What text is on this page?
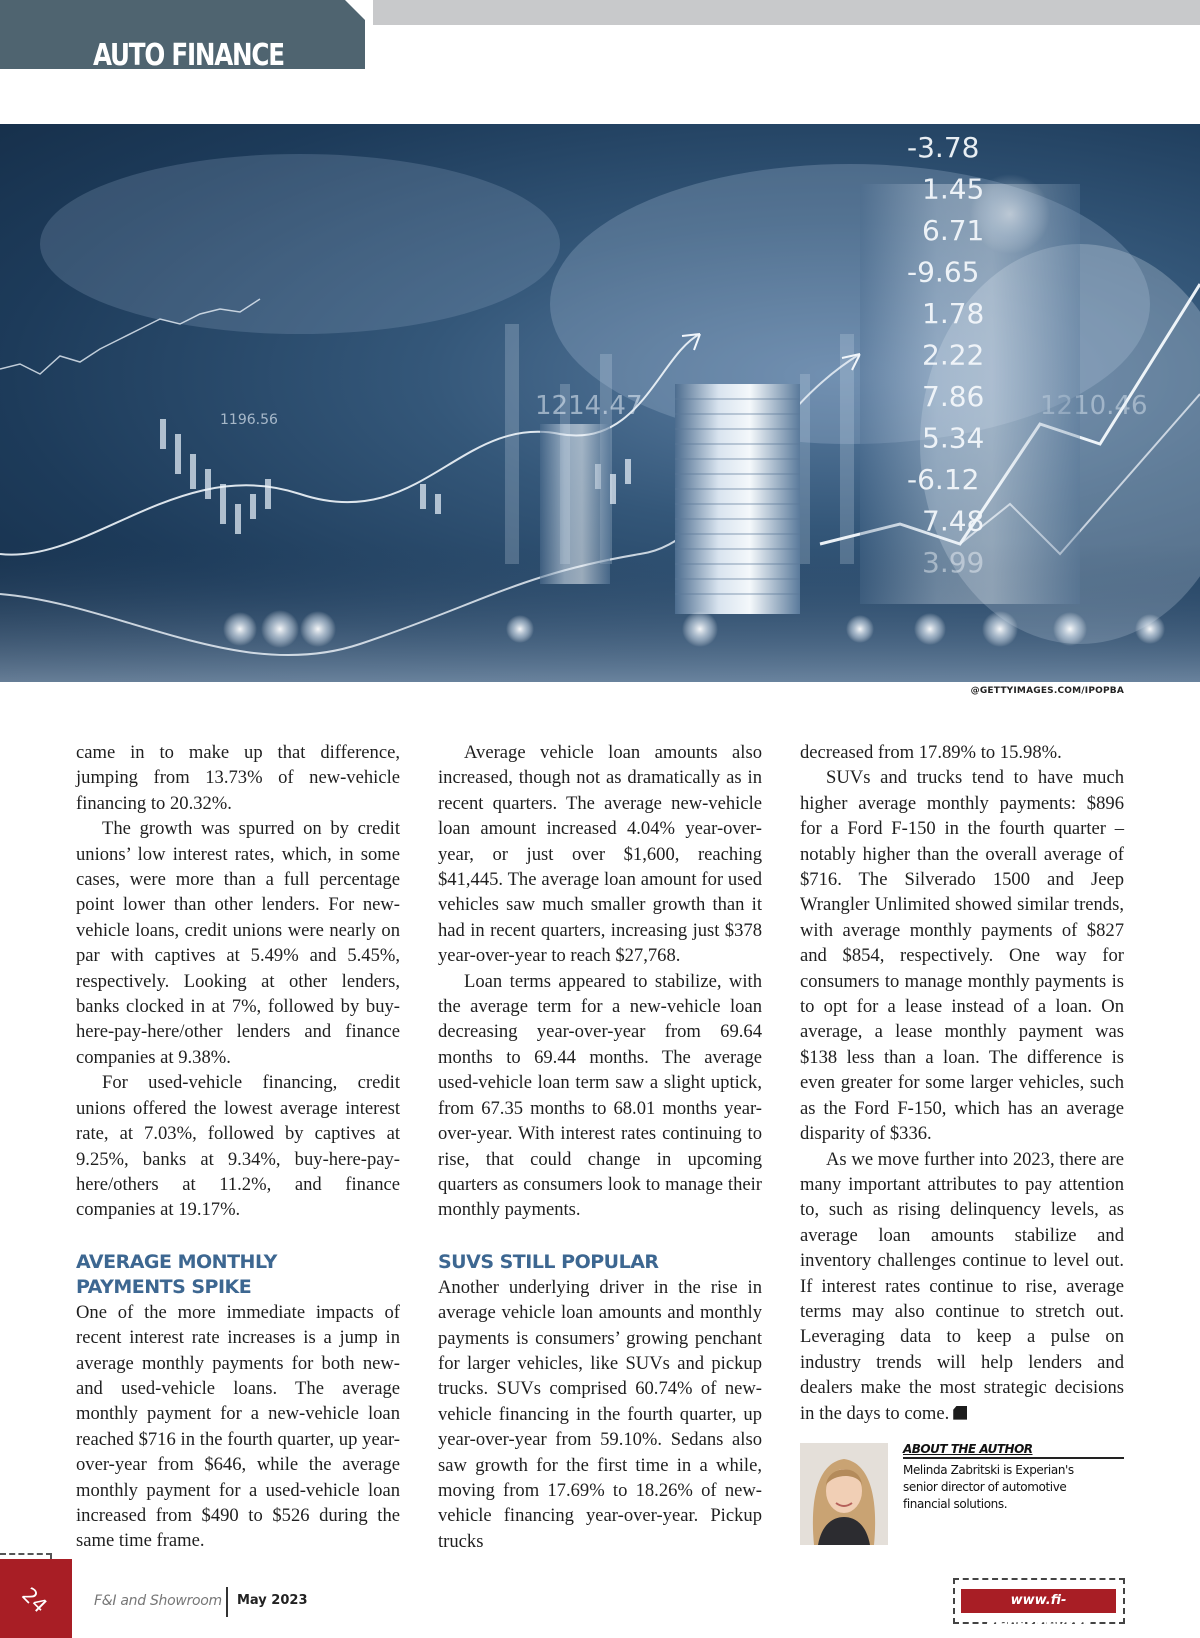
AUTO FINANCE
1196.56	1214.47	1210.46
-3.78
1.45
6.71
-9.65
1.78
2.22
7.86
5.34
-6.12
7.48
3.99
@GETTYIMAGES.COM/IPOPBA

came in to make up that difference, jumping from 13.73% of new-vehicle financing to 20.32%.

The growth was spurred on by credit unions’ low interest rates, which, in some cases, were more than a full percentage point lower than other lenders. For new-vehicle loans, credit unions were nearly on par with captives at 5.49% and 5.45%, respectively. Looking at other lenders, banks clocked in at 7%, followed by buy-here-pay-here/other lenders and finance companies at 9.38%.

For used-vehicle financing, credit unions offered the lowest average interest rate, at 7.03%, followed by captives at 9.25%, banks at 9.34%, buy-here-pay-here/others at 11.2%, and finance companies at 19.17%.

AVERAGE MONTHLY
PAYMENTS SPIKE

One of the more immediate impacts of recent interest rate increases is a jump in average monthly payments for both new- and used-vehicle loans. The average monthly payment for a new-vehicle loan reached $716 in the fourth quarter, up year-over-year from $646, while the average monthly payment for a used-vehicle loan increased from $490 to $526 during the same time frame.

Average vehicle loan amounts also increased, though not as dramatically as in recent quarters. The average new-vehicle loan amount increased 4.04% year-over-year, or just over $1,600, reaching $41,445. The average loan amount for used vehicles saw much smaller growth than it had in recent quarters, increasing just $378 year-over-year to reach $27,768.

Loan terms appeared to stabilize, with the average term for a new-vehicle loan decreasing year-over-year from 69.64 months to 69.44 months. The average used-vehicle loan term saw a slight uptick, from 67.35 months to 68.01 months year-over-year. With interest rates continuing to rise, that could change in upcoming quarters as consumers look to manage their monthly payments.

SUVS STILL POPULAR

Another underlying driver in the rise in average vehicle loan amounts and monthly payments is consumers’ growing penchant for larger vehicles, like SUVs and pickup trucks. SUVs comprised 60.74% of new-vehicle financing in the fourth quarter, up year-over-year from 59.10%. Sedans also saw growth for the first time in a while, moving from 17.69% to 18.26% of new-vehicle financing year-over-year. Pickup trucks

decreased from 17.89% to 15.98%.

SUVs and trucks tend to have much higher average monthly payments: $896 for a Ford F-150 in the fourth quarter – notably higher than the overall average of $716. The Silverado 1500 and Jeep Wrangler Unlimited showed similar trends, with average monthly payments of $827 and $854, respectively. One way for consumers to manage monthly payments is to opt for a lease instead of a loan. On average, a lease monthly payment was $138 less than a loan. The difference is even greater for some larger vehicles, such as the Ford F-150, which has an average disparity of $336.

As we move further into 2023, there are many important attributes to pay attention to, such as rising delinquency levels, as average loan amounts stabilize and inventory challenges continue to level out. If interest rates continue to rise, average terms may also continue to stretch out. Leveraging data to keep a pulse on industry trends will help lenders and dealers make the most strategic decisions in the days to come.

ABOUT THE AUTHOR
Melinda Zabritski is Experian's
senior director of automotive
financial solutions.
24	F&I and Showroom May 2023	www.fi-magazine.com
